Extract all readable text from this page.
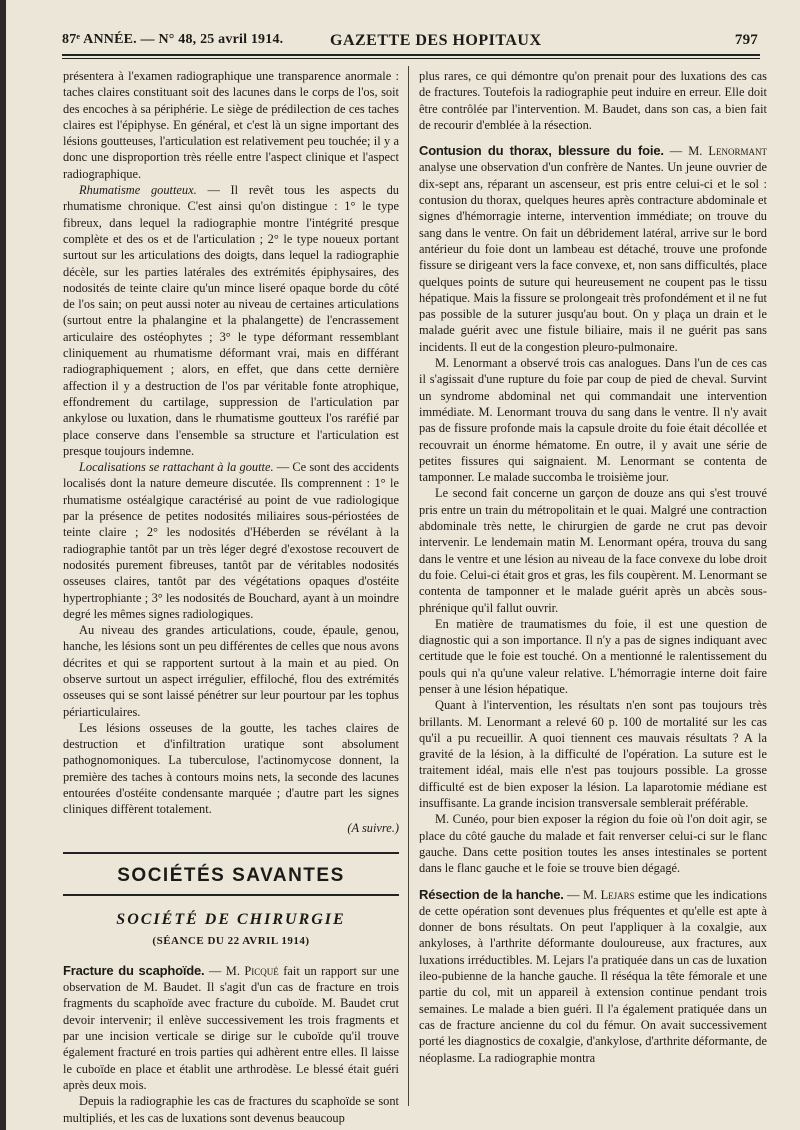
87ᵉ ANNÉE. — N° 48, 25 avril 1914.	GAZETTE DES HOPITAUX	797

présentera à l'examen radiographique une transparence anormale : taches claires constituant soit des lacunes dans le corps de l'os, soit des encoches à sa périphérie. Le siège de prédilection de ces taches claires est l'épiphyse. En général, et c'est là un signe important des lésions goutteuses, l'articulation est relativement peu touchée; il y a donc une disproportion très réelle entre l'aspect clinique et l'aspect radiographique.

Rhumatisme goutteux. — Il revêt tous les aspects du rhumatisme chronique. C'est ainsi qu'on distingue : 1° le type fibreux, dans lequel la radiographie montre l'intégrité presque complète et des os et de l'articulation ; 2° le type noueux portant surtout sur les articulations des doigts, dans lequel la radiographie décèle, sur les parties latérales des extrémités épiphysaires, des nodosités de teinte claire qu'un mince liseré opaque borde du côté de l'os sain; on peut aussi noter au niveau de certaines articulations (surtout entre la phalangine et la phalangette) de l'encrassement articulaire des ostéophytes ; 3° le type déformant ressemblant cliniquement au rhumatisme déformant vrai, mais en différant radiographiquement ; alors, en effet, que dans cette dernière affection il y a destruction de l'os par véritable fonte atrophique, effondrement du cartilage, suppression de l'articulation par ankylose ou luxation, dans le rhumatisme goutteux l'os raréfié par place conserve dans l'ensemble sa structure et l'articulation est presque toujours indemne.

Localisations se rattachant à la goutte. — Ce sont des accidents localisés dont la nature demeure discutée. Ils comprennent : 1° le rhumatisme ostéalgique caractérisé au point de vue radiologique par la présence de petites nodosités miliaires sous-périostées de teinte claire ; 2° les nodosités d'Héberden se révélant à la radiographie tantôt par un très léger degré d'exostose recouvert de nodosités purement fibreuses, tantôt par de véritables nodosités osseuses claires, tantôt par des végétations opaques d'ostéite hypertrophiante ; 3° les nodosités de Bouchard, ayant à un moindre degré les mêmes signes radiologiques.

Au niveau des grandes articulations, coude, épaule, genou, hanche, les lésions sont un peu différentes de celles que nous avons décrites et qui se rapportent surtout à la main et au pied. On observe surtout un aspect irrégulier, effiloché, flou des extrémités osseuses qui se sont laissé pénétrer sur leur pourtour par les tophus périarticulaires.

Les lésions osseuses de la goutte, les taches claires de destruction et d'infiltration uratique sont absolument pathognomoniques. La tuberculose, l'actinomycose donnent, la première des taches à contours moins nets, la seconde des lacunes entourées d'ostéite condensante marquée ; d'autre part les signes cliniques diffèrent totalement.

(A suivre.)

SOCIÉTÉS SAVANTES
SOCIÉTÉ DE CHIRURGIE
(SÉANCE DU 22 AVRIL 1914)

Fracture du scaphoïde. — M. Picqué fait un rapport sur une observation de M. Baudet. Il s'agit d'un cas de fracture en trois fragments du scaphoïde avec fracture du cuboïde. M. Baudet crut devoir intervenir; il enlève successivement les trois fragments et par une incision verticale se dirige sur le cuboïde qu'il trouve également fracturé en trois parties qui adhèrent entre elles. Il laisse le cuboïde en place et établit une arthrodèse. Le blessé était guéri après deux mois.

Depuis la radiographie les cas de fractures du scaphoïde se sont multipliés, et les cas de luxations sont devenus beaucoup

plus rares, ce qui démontre qu'on prenait pour des luxations des cas de fractures. Toutefois la radiographie peut induire en erreur. Elle doit être contrôlée par l'intervention. M. Baudet, dans son cas, a bien fait de recourir d'emblée à la résection.

Contusion du thorax, blessure du foie. — M. Lenormant analyse une observation d'un confrère de Nantes. Un jeune ouvrier de dix-sept ans, réparant un ascenseur, est pris entre celui-ci et le sol : contusion du thorax, quelques heures après contracture abdominale et signes d'hémorragie interne, intervention immédiate; on trouve du sang dans le ventre. On fait un débridement latéral, arrive sur le bord antérieur du foie dont un lambeau est détaché, trouve une profonde fissure se dirigeant vers la face convexe, et, non sans difficultés, place quelques points de suture qui heureusement ne coupent pas le tissu hépatique. Mais la fissure se prolongeait très profondément et il ne fut pas possible de la suturer jusqu'au bout. On y plaça un drain et le malade guérit avec une fistule biliaire, mais il ne guérit pas sans incidents. Il eut de la congestion pleuro-pulmonaire.

M. Lenormant a observé trois cas analogues. Dans l'un de ces cas il s'agissait d'une rupture du foie par coup de pied de cheval. Survint un syndrome abdominal net qui commandait une intervention immédiate. M. Lenormant trouva du sang dans le ventre. Il n'y avait pas de fissure profonde mais la capsule droite du foie était décollée et recouvrait un énorme hématome. En outre, il y avait une série de petites fissures qui saignaient. M. Lenormant se contenta de tamponner. Le malade succomba le troisième jour.

Le second fait concerne un garçon de douze ans qui s'est trouvé pris entre un train du métropolitain et le quai. Malgré une contraction abdominale très nette, le chirurgien de garde ne crut pas devoir intervenir. Le lendemain matin M. Lenormant opéra, trouva du sang dans le ventre et une lésion au niveau de la face convexe du lobe droit du foie. Celui-ci était gros et gras, les fils coupèrent. M. Lenormant se contenta de tamponner et le malade guérit après un abcès sous-phrénique qu'il fallut ouvrir.

En matière de traumatismes du foie, il est une question de diagnostic qui a son importance. Il n'y a pas de signes indiquant avec certitude que le foie est touché. On a mentionné le ralentissement du pouls qui n'a qu'une valeur relative. L'hémorragie interne doit faire penser à une lésion hépatique.

Quant à l'intervention, les résultats n'en sont pas toujours très brillants. M. Lenormant a relevé 60 p. 100 de mortalité sur les cas qu'il a pu recueillir. A quoi tiennent ces mauvais résultats ? A la gravité de la lésion, à la difficulté de l'opération. La suture est le traitement idéal, mais elle n'est pas toujours possible. La grosse difficulté est de bien exposer la lésion. La laparotomie médiane est insuffisante. La grande incision transversale semblerait préférable.

M. Cunéo, pour bien exposer la région du foie où l'on doit agir, se place du côté gauche du malade et fait renverser celui-ci sur le flanc gauche. Dans cette position toutes les anses intestinales se portent dans le flanc gauche et le foie se trouve bien dégagé.

Résection de la hanche. — M. Lejars estime que les indications de cette opération sont devenues plus fréquentes et qu'elle est apte à donner de bons résultats. On peut l'appliquer à la coxalgie, aux ankyloses, à l'arthrite déformante douloureuse, aux fractures, aux luxations irréductibles. M. Lejars l'a pratiquée dans un cas de luxation ileo-pubienne de la hanche gauche. Il réséqua la tête fémorale et une partie du col, mit un appareil à extension continue pendant trois semaines. Le malade a bien guéri. Il l'a également pratiquée dans un cas de fracture ancienne du col du fémur. On avait successivement porté les diagnostics de coxalgie, d'ankylose, d'arthrite déformante, de néoplasme. La radiographie montra
